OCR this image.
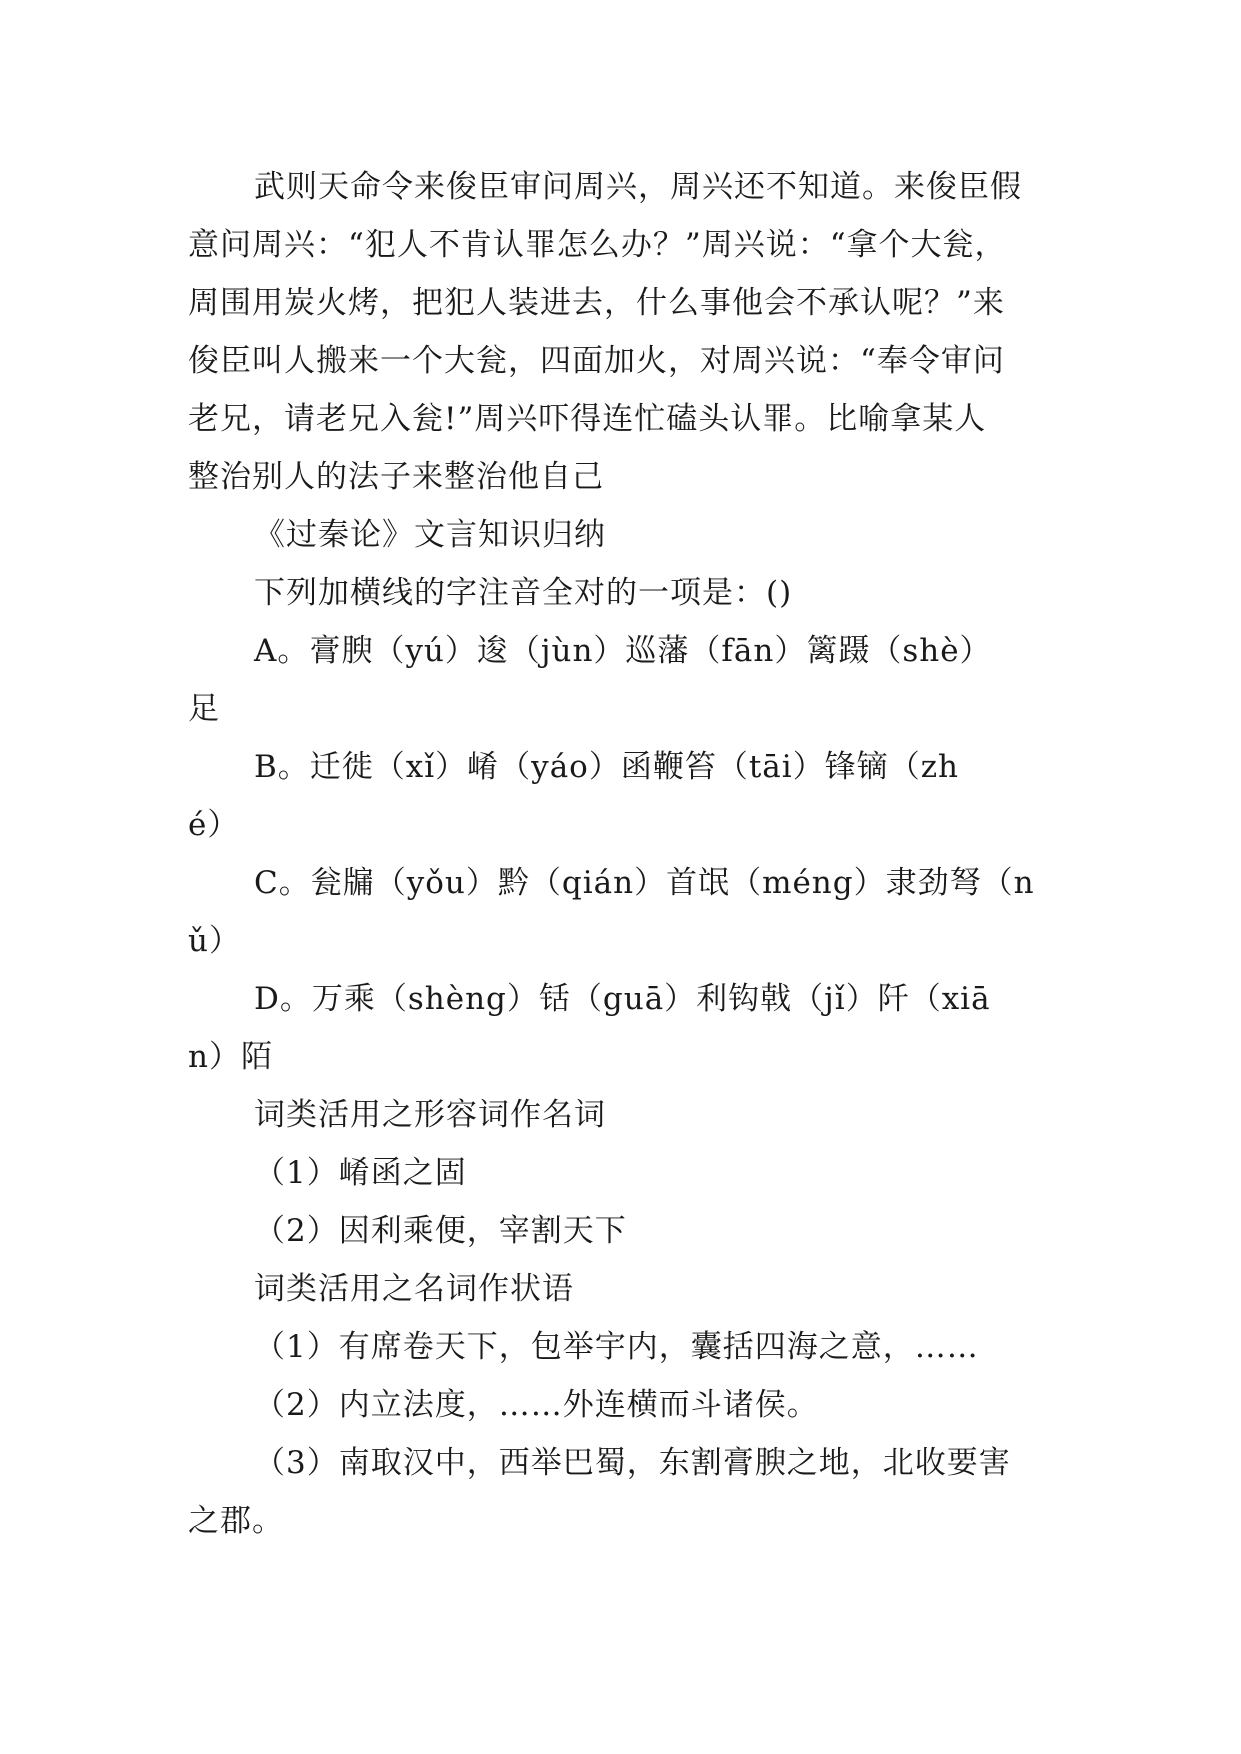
武则天命令来俊臣审问周兴，周兴还不知道。来俊臣假
意问周兴：“犯人不肯认罪怎么办？”周兴说：“拿个大瓮，
周围用炭火烤，把犯人装进去，什么事他会不承认呢？”来
俊臣叫人搬来一个大瓮，四面加火，对周兴说：“奉令审问
老兄，请老兄入瓮!”周兴吓得连忙磕头认罪。比喻拿某人
整治别人的法子来整治他自己
《过秦论》文言知识归纳
下列加横线的字注音全对的一项是：()
A。膏腴（yú）逡（jùn）巡藩（fān）篱蹑（shè）
足
B。迁徙（xǐ）崤（yáo）函鞭笞（tāi）锋镝（zh
é）
C。瓮牖（yǒu）黔（qián）首氓（méng）隶劲弩（n
ǔ）
D。万乘（shèng）铦（guā）利钩戟（jǐ）阡（xiā
n）陌
词类活用之形容词作名词
（1）崤函之固
（2）因利乘便，宰割天下
词类活用之名词作状语
（1）有席卷天下，包举宇内，囊括四海之意，……
（2）内立法度，……外连横而斗诸侯。
（3）南取汉中，西举巴蜀，东割膏腴之地，北收要害
之郡。
